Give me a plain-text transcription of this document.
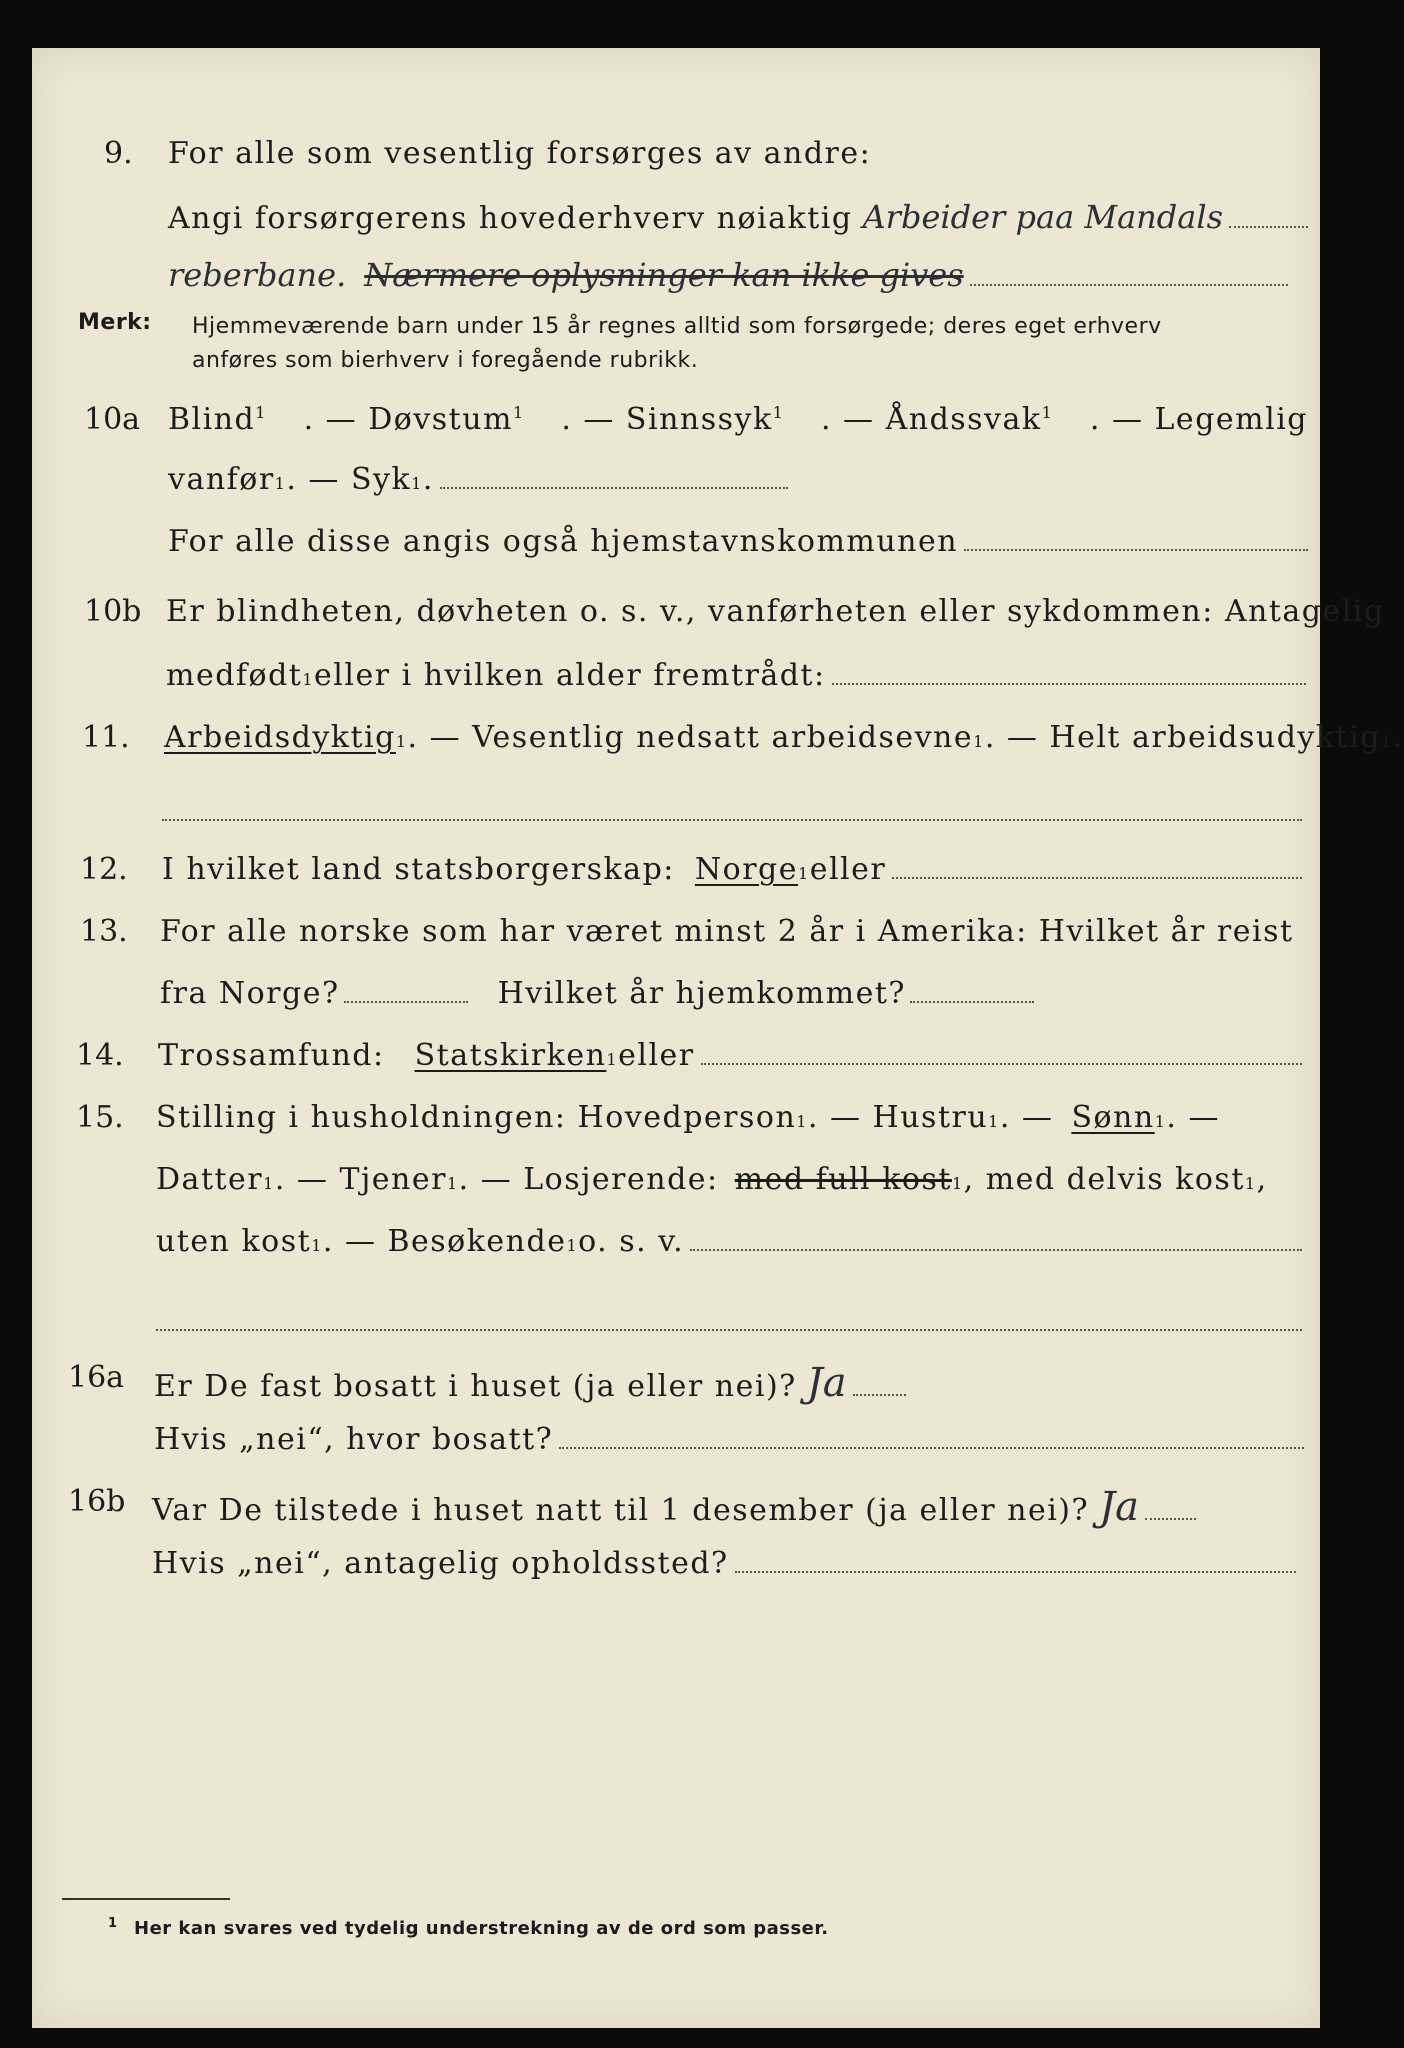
9. For alle som vesentlig forsørges av andre:
Angi forsørgerens hovederhverv nøiaktig Arbeider paa Mandals
reberbane. Nærmere oplysninger kan ikke gives
Merk: Hjemmeværende barn under 15 år regnes alltid som forsørgede; deres eget erhverv
anføres som bierhverv i foregående rubrikk.
10a Blind$^1$ . — Døvstum$^1$ . — Sinnssyk$^1$ . — Åndssvak$^1$ . — Legemlig
vanfør 1 . — Syk 1 .
For alle disse angis også hjemstavnskommunen
10b Er blindheten, døvheten o. s. v., vanførheten eller sykdommen: Antagelig
medfødt 1 eller i hvilken alder fremtrådt:
11. Arbeidsdyktig 1 . — Vesentlig nedsatt arbeidsevne 1 . — Helt arbeidsudyktig 1 .
12. I hvilket land statsborgerskap: Norge 1 eller
13. For alle norske som har været minst 2 år i Amerika: Hvilket år reist
fra Norge?	Hvilket år hjemkommet?
14. Trossamfund: Statskirken 1 eller
15. Stilling i husholdningen: Hovedperson 1 . — Hustru 1 . — Sønn 1 . —
Datter 1 . — Tjener 1 . — Losjerende: med full kost 1 , med delvis kost 1 ,
uten kost 1 . — Besøkende 1 o. s. v.
16a Er De fast bosatt i huset (ja eller nei)? Ja
Hvis „nei“, hvor bosatt?
16b Var De tilstede i huset natt til 1 desember (ja eller nei)? Ja
Hvis „nei“, antagelig opholdssted?
1 Her kan svares ved tydelig understrekning av de ord som passer.
